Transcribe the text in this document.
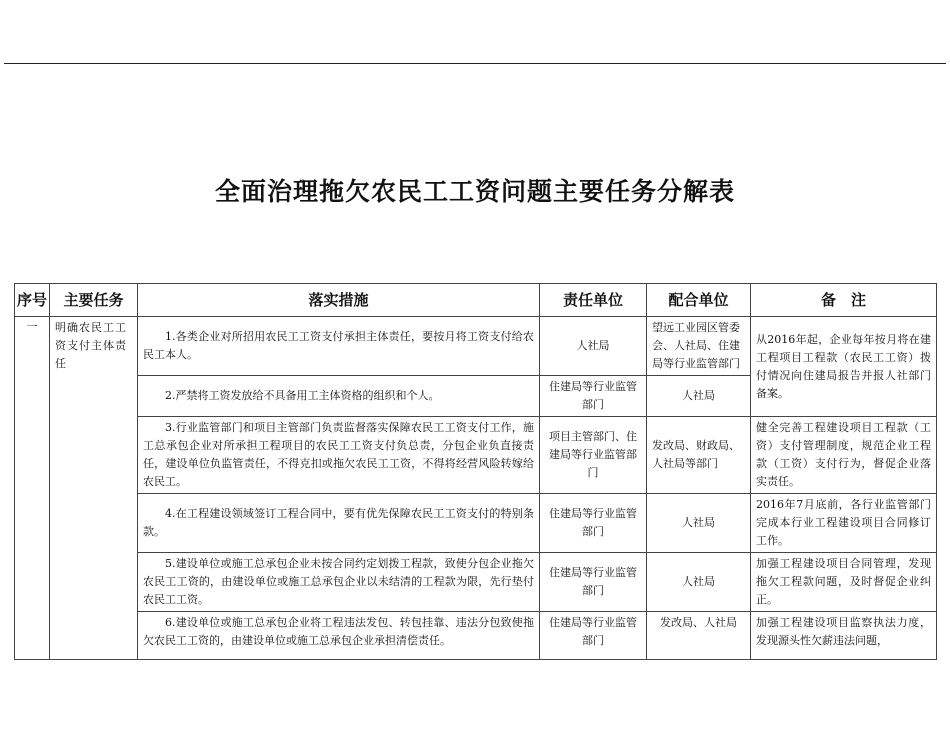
全面治理拖欠农民工工资问题主要任务分解表
序号	主要任务	落实措施	责任单位	配合单位	备　注
一	明确农民工工资支付主体责任	1.各类企业对所招用农民工工资支付承担主体责任，要按月将工资支付给农民工本人。	人社局	望远工业园区管委会、人社局、住建局等行业监管部门	从2016年起，企业每年按月将在建工程项目工程款（农民工工资）拨付情况向住建局报告并报人社部门备案。

		2.严禁将工资发放给不具备用工主体资格的组织和个人。	住建局等行业监管部门	人社局	

		3.行业监管部门和项目主管部门负责监督落实保障农民工工资支付工作，施工总承包企业对所承担工程项目的农民工工资支付负总责，分包企业负直接责任，建设单位负监管责任，不得克扣或拖欠农民工工资，不得将经营风险转嫁给农民工。	项目主管部门、住建局等行业监管部门	发改局、财政局、人社局等部门	健全完善工程建设项目工程款（工资）支付管理制度，规范企业工程款（工资）支付行为，督促企业落实责任。

		4.在工程建设领域签订工程合同中，要有优先保障农民工工资支付的特别条款。	住建局等行业监管部门	人社局	2016年7月底前，各行业监管部门完成本行业工程建设项目合同修订工作。

		5.建设单位或施工总承包企业未按合同约定划拨工程款，致使分包企业拖欠农民工工资的，由建设单位或施工总承包企业以未结清的工程款为限，先行垫付农民工工资。	住建局等行业监管部门	人社局	加强工程建设项目合同管理，发现拖欠工程款问题，及时督促企业纠正。

		6.建设单位或施工总承包企业将工程违法发包、转包挂靠、违法分包致使拖欠农民工工资的，由建设单位或施工总承包企业承担清偿责任。	住建局等行业监管部门	发改局、人社局	加强工程建设项目监察执法力度，发现源头性欠薪违法问题，
